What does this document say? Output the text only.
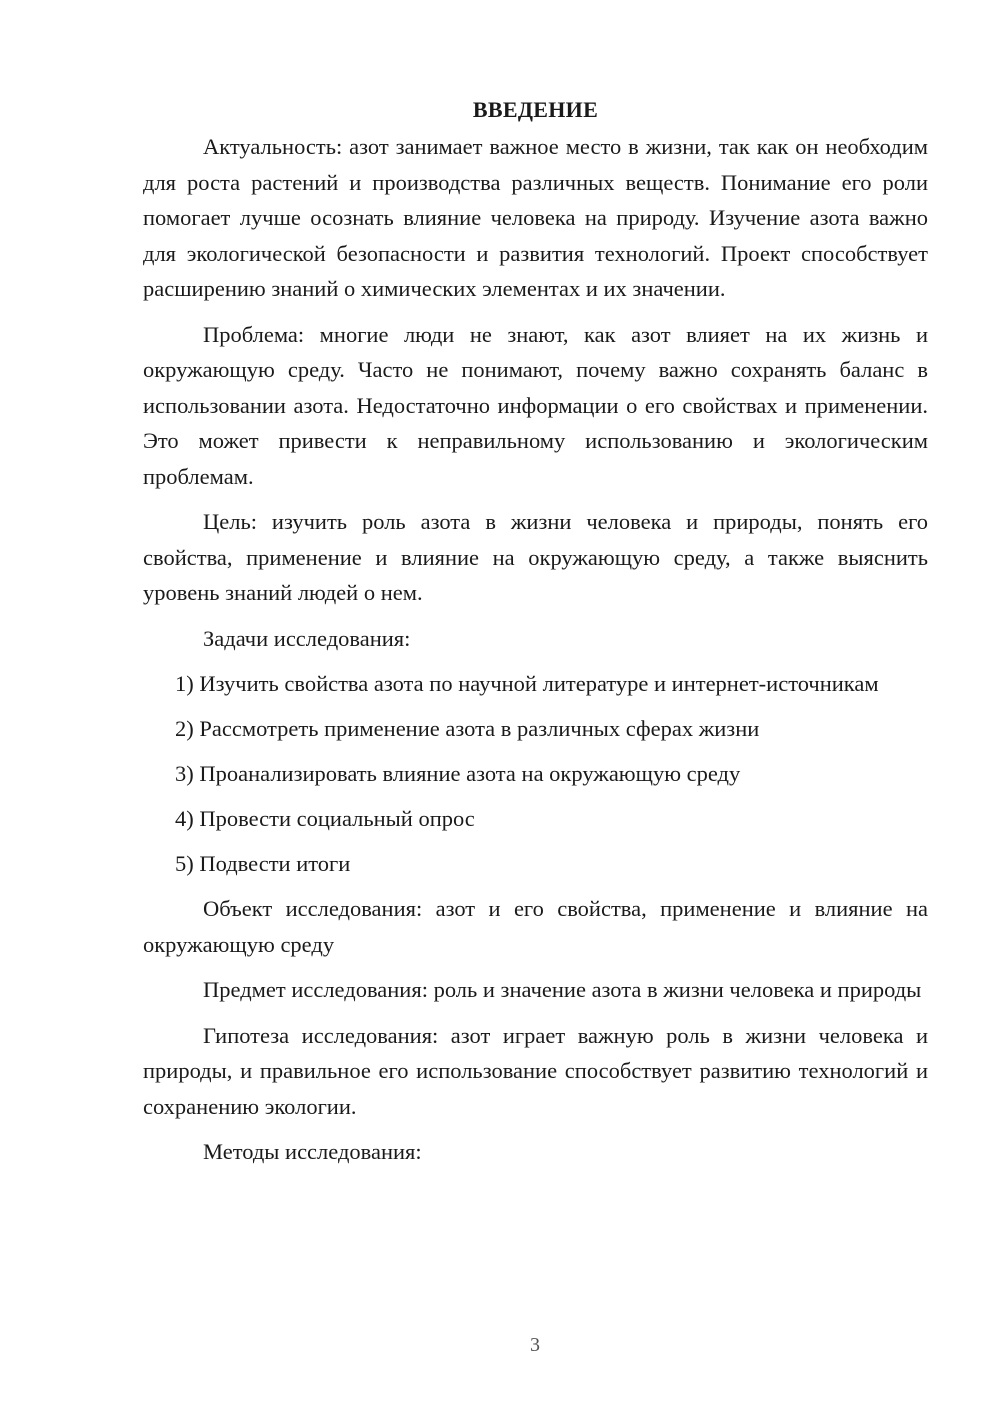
ВВЕДЕНИЕ

Актуальность: азот занимает важное место в жизни, так как он необходим для роста растений и производства различных веществ. Понимание его роли помогает лучше осознать влияние человека на природу. Изучение азота важно для экологической безопасности и развития технологий. Проект способствует расширению знаний о химических элементах и их значении.

Проблема: многие люди не знают, как азот влияет на их жизнь и окружающую среду. Часто не понимают, почему важно сохранять баланс в использовании азота. Недостаточно информации о его свойствах и применении. Это может привести к неправильному использованию и экологическим проблемам.

Цель: изучить роль азота в жизни человека и природы, понять его свойства, применение и влияние на окружающую среду, а также выяснить уровень знаний людей о нем.

Задачи исследования:

1) Изучить свойства азота по научной литературе и интернет-источникам

2) Рассмотреть применение азота в различных сферах жизни

3) Проанализировать влияние азота на окружающую среду

4) Провести социальный опрос

5) Подвести итоги

Объект исследования: азот и его свойства, применение и влияние на окружающую среду

Предмет исследования: роль и значение азота в жизни человека и природы

Гипотеза исследования: азот играет важную роль в жизни человека и природы, и правильное его использование способствует развитию технологий и сохранению экологии.

Методы исследования:

3
